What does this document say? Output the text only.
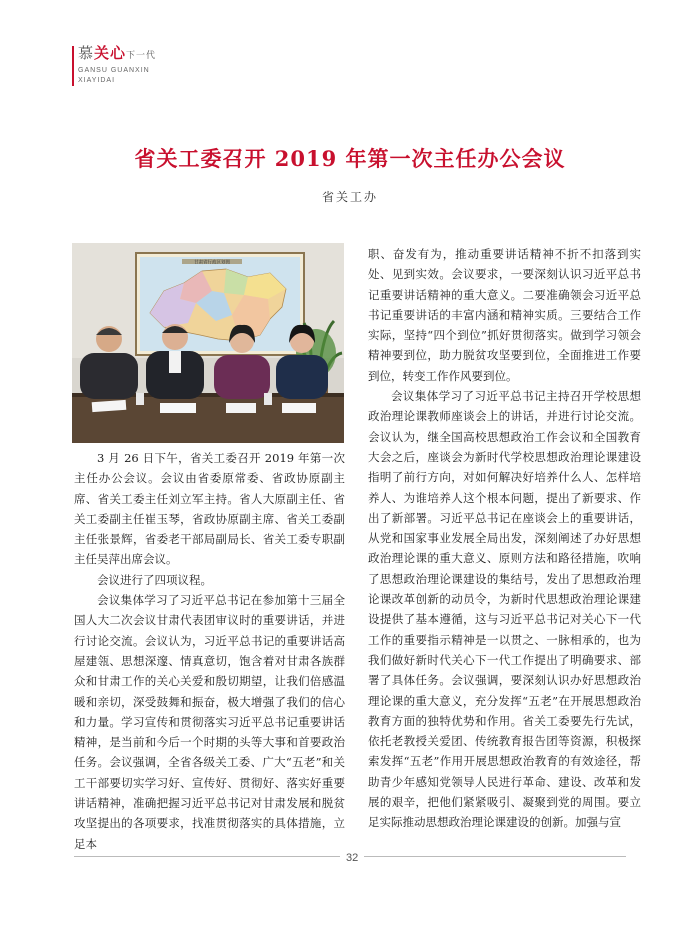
慕关心下一代
GANSU GUANXIN
XIAYIDAI
省关工委召开 2019 年第一次主任办公会议
省关工办
甘肃省行政区划图

3 月 26 日下午，省关工委召开 2019 年第一次主任办公会议。会议由省委原常委、省政协原副主席、省关工委主任刘立军主持。省人大原副主任、省关工委副主任崔玉琴，省政协原副主席、省关工委副主任张景辉，省委老干部局副局长、省关工委专职副主任吴萍出席会议。

会议进行了四项议程。

会议集体学习了习近平总书记在参加第十三届全国人大二次会议甘肃代表团审议时的重要讲话，并进行讨论交流。会议认为，习近平总书记的重要讲话高屋建瓴、思想深邃、情真意切，饱含着对甘肃各族群众和甘肃工作的关心关爱和殷切期望，让我们倍感温暖和亲切，深受鼓舞和振奋，极大增强了我们的信心和力量。学习宣传和贯彻落实习近平总书记重要讲话精神，是当前和今后一个时期的头等大事和首要政治任务。会议强调，全省各级关工委、广大“五老”和关工干部要切实学习好、宣传好、贯彻好、落实好重要讲话精神，准确把握习近平总书记对甘肃发展和脱贫攻坚提出的各项要求，找准贯彻落实的具体措施，立足本

职、奋发有为，推动重要讲话精神不折不扣落到实处、见到实效。会议要求，一要深刻认识习近平总书记重要讲话精神的重大意义。二要准确领会习近平总书记重要讲话的丰富内涵和精神实质。三要结合工作实际，坚持“四个到位”抓好贯彻落实。做到学习领会精神要到位，助力脱贫攻坚要到位，全面推进工作要到位，转变工作作风要到位。

会议集体学习了习近平总书记主持召开学校思想政治理论课教师座谈会上的讲话，并进行讨论交流。会议认为，继全国高校思想政治工作会议和全国教育大会之后，座谈会为新时代学校思想政治理论课建设指明了前行方向，对如何解决好培养什么人、怎样培养人、为谁培养人这个根本问题，提出了新要求、作出了新部署。习近平总书记在座谈会上的重要讲话，从党和国家事业发展全局出发，深刻阐述了办好思想政治理论课的重大意义、原则方法和路径措施，吹响了思想政治理论课建设的集结号，发出了思想政治理论课改革创新的动员令，为新时代思想政治理论课建设提供了基本遵循，这与习近平总书记对关心下一代工作的重要指示精神是一以贯之、一脉相承的，也为我们做好新时代关心下一代工作提出了明确要求、部署了具体任务。会议强调，要深刻认识办好思想政治理论课的重大意义，充分发挥“五老”在开展思想政治教育方面的独特优势和作用。省关工委要先行先试，依托老教授关爱团、传统教育报告团等资源，积极探索发挥“五老”作用开展思想政治教育的有效途径，帮助青少年感知党领导人民进行革命、建设、改革和发展的艰辛，把他们紧紧吸引、凝聚到党的周围。要立足实际推动思想政治理论课建设的创新。加强与宣

32
